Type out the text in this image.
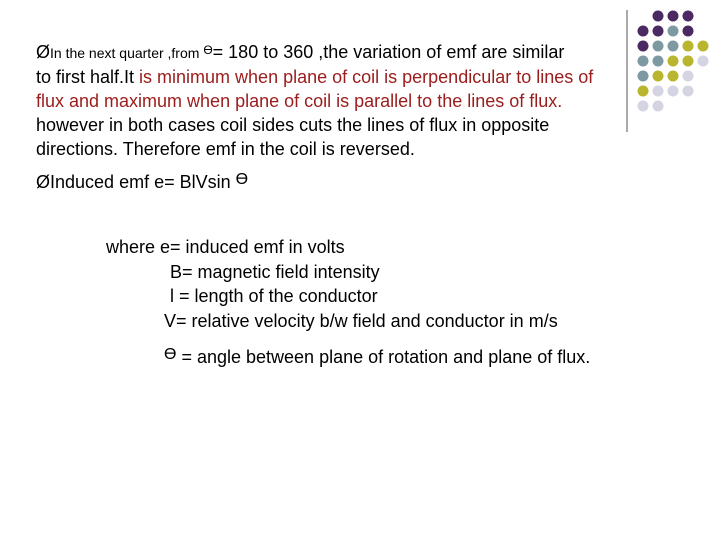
ØIn the next quarter ,from $^ϴ$= 180 to 360 ,the variation of emf are similar
to first half.It is minimum when plane of coil is perpendicular to lines of
flux and maximum when plane of coil is parallel to the lines of flux.
however in both cases coil sides cuts the lines of flux in opposite
directions. Therefore emf in the coil is reversed.
ØInduced emf e= BlVsin ϴ
where e= induced emf in volts
B= magnetic field intensity
l = length of the conductor
V= relative velocity b/w field and conductor in m/s
ϴ = angle between plane of rotation and plane of flux.
